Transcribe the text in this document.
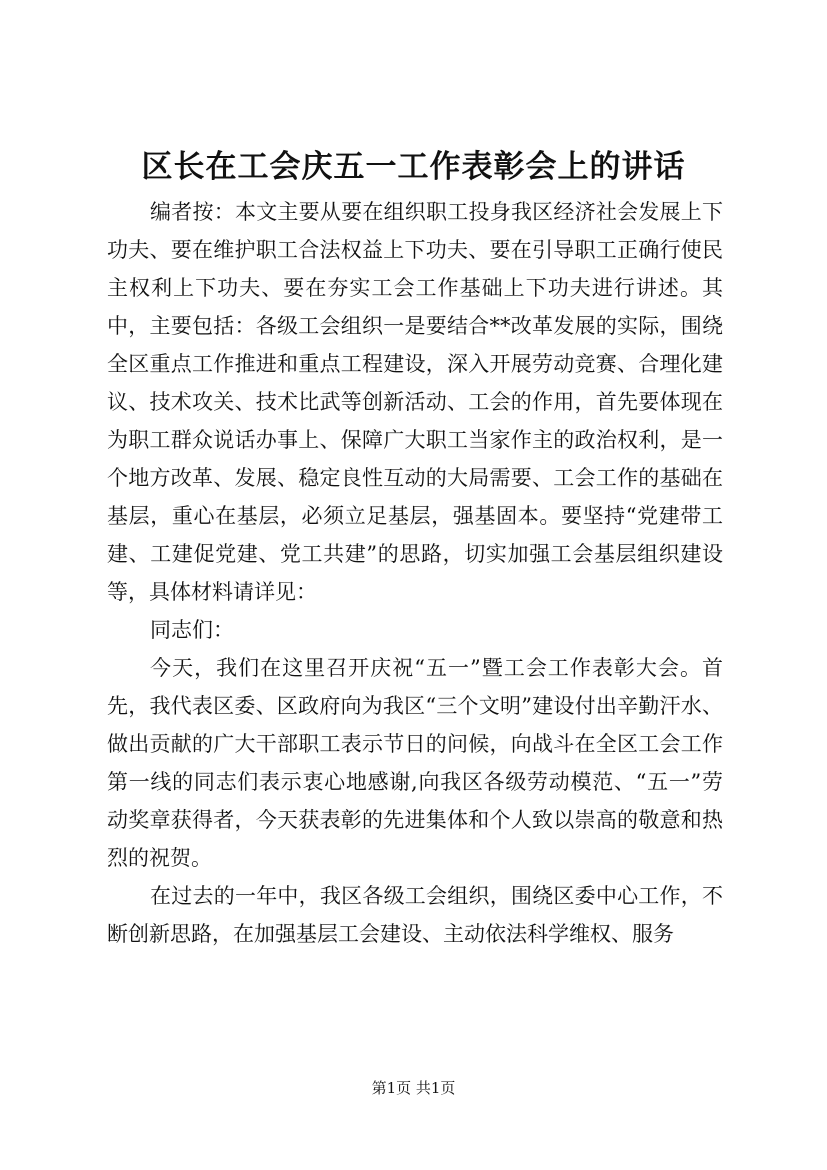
区长在工会庆五一工作表彰会上的讲话

编者按：本文主要从要在组织职工投身我区经济社会发展上下功夫、要在维护职工合法权益上下功夫、要在引导职工正确行使民主权利上下功夫、要在夯实工会工作基础上下功夫进行讲述。其中，主要包括：各级工会组织一是要结合**改革发展的实际，围绕全区重点工作推进和重点工程建设，深入开展劳动竞赛、合理化建议、技术攻关、技术比武等创新活动、工会的作用，首先要体现在为职工群众说话办事上、保障广大职工当家作主的政治权利，是一个地方改革、发展、稳定良性互动的大局需要、工会工作的基础在基层，重心在基层，必须立足基层，强基固本。要坚持“党建带工建、工建促党建、党工共建”的思路，切实加强工会基层组织建设等，具体材料请详见：

同志们：

今天，我们在这里召开庆祝“五一”暨工会工作表彰大会。首先，我代表区委、区政府向为我区“三个文明”建设付出辛勤汗水、做出贡献的广大干部职工表示节日的问候，向战斗在全区工会工作第一线的同志们表示衷心地感谢,向我区各级劳动模范、“五一”劳动奖章获得者，今天获表彰的先进集体和个人致以崇高的敬意和热烈的祝贺。

在过去的一年中，我区各级工会组织，围绕区委中心工作，不断创新思路，在加强基层工会建设、主动依法科学维权、服务

第1页 共1页
